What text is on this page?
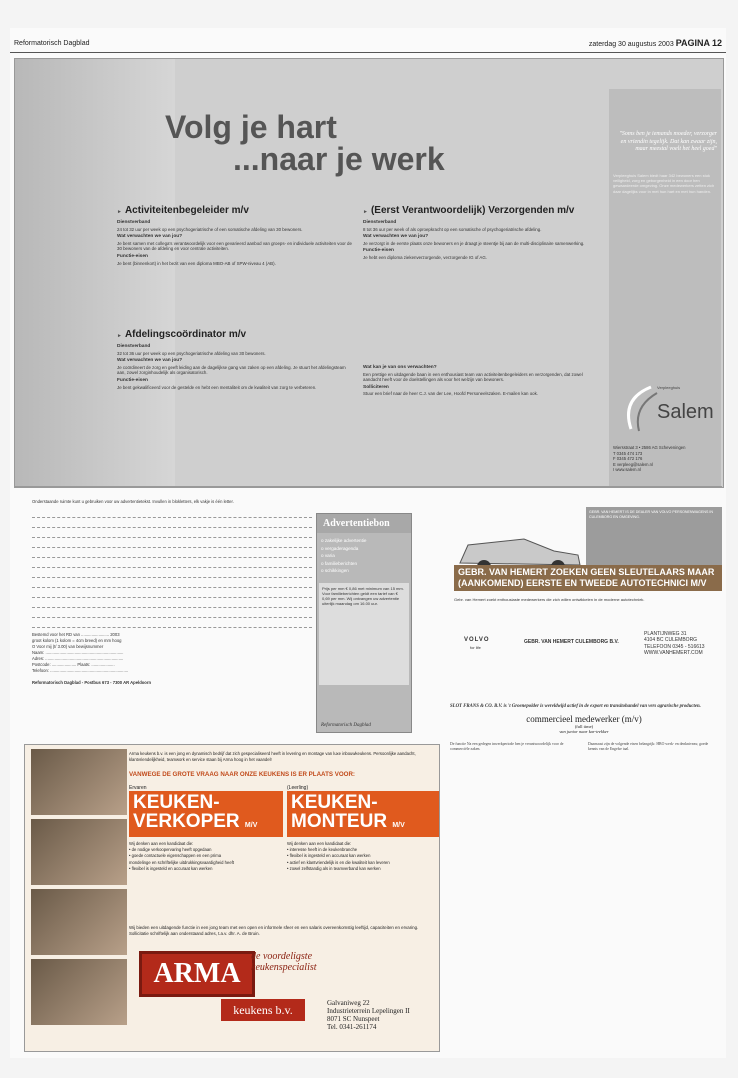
Reformatorisch Dagblad	zaterdag 30 augustus 2003 PAGINA 12
Volg je hart
...naar je werk
► Activiteitenbegeleider m/v
Dienstverband

24 tot 32 uur per week op een psychogeriatrische of een somatische afdeling van 30 bewoners.

Wat verwachten we van jou?

Je bent samen met collega's verantwoordelijk voor een gevarieerd aanbod van groeps- en individuele activiteiten voor de 30 bewoners van de afdeling en voor centrale activiteiten.

Functie-eisen

Je bent (binnenkort) in het bezit van een diploma MBO-AB of SPW-niveau 4 (AB).

► Afdelingscoördinator m/v
Dienstverband

32 tot 36 uur per week op een psychogeriatrische afdeling van 30 bewoners.

Wat verwachten we van jou?

Je coördineert de zorg en geeft leiding aan de dagelijkse gang van zaken op een afdeling. Je stuurt het afdelingsteam aan, zowel zorginhoudelijk als organisatorisch.

Functie-eisen

Je bent gekwalificeerd voor de gestelde en hebt een mentaliteit om de kwaliteit van zorg te verbeteren.

► (Eerst Verantwoordelijk) Verzorgenden m/v
Dienstverband

8 tot 36 uur per week of als oproepkracht op een somatische of psychogeriatrische afdeling.

Wat verwachten we van jou?

Je verzorgt in de eerste plaats onze bewoners en je draagt je steentje bij aan de multi-disciplinaire samenwerking.

Functie-eisen

Je hebt een diploma ziekenverzorgende, verzorgende IG of AG.

Wat kan je van ons verwachten?

Een prettige en uitdagende baan in een enthousiast team van activiteitenbegeleiders en verzorgenden, dat zowel aandacht heeft voor de doelstellingen als voor het welzijn van bewoners.

Solliciteren

Stuur een brief naar de heer C.J. van der Lee, Hoofd Personeelszaken. E-mailen kan ook.

"Soms ben je iemands moeder, verzorger en vriendin tegelijk. Dat kan zwaar zijn, maar meestal voelt het heel goed"
Verpleeghuis Salem biedt haar 342 bewoners een stuk veiligheid, zorg en geborgenheid in een door hen gewaardeerde omgeving. Onze medewerkers zetten zich daar dagelijks voor in met hun hart en met hun handen.
Verpleeghuis
Salem
Wiersstraat 3 • 2586 AG Scheveningen
T 0345 474 173
F 0345 472 176
E verpleeg@salem.nl
I www.salem.nl
Onderstaande ruimte kunt u gebruiken voor uw advertentietekst. Invullen in blokletters, elk vakje is één letter.
Bestemd voor het RD van ........................ 2003
groot kolom (1 kolom = 4cm breed) en mm hoog
O Voor mij (t/ 3.00) van bewijsnummer
Naam: ...................................................................
Adres: ...................................................................
Postcode: ..................... Plaats: ....................
Telefoon: ...................................................................
Reformatorisch Dagblad - Postbus 673 - 7300 AR Apeldoorn
Advertentiebon
o zakelijke advertentie
o vergaderagenda
o varia
o familieberichten
o schikkingen
Prijs per mm € 0,86 met minimum van 15 mm. Voor familieberichten geldt een tarief van € 0,69 per mm. Wij ontvangen uw advertentie uiterlijk maandag om 16.00 uur.
Reformatorisch Dagblad
GEBR. VAN HEMERT IS DE DEALER VAN VOLVO PERSONENWAGENS IN CULEMBORG EN OMGEVING.
GEBR. VAN HEMERT ZOEKEN GEEN SLEUTELAARS MAAR (AANKOMEND) EERSTE EN TWEEDE AUTOTECHNICI M/V
Gebr. van Hemert zoekt enthousiaste medewerkers die zich willen ontwikkelen in de moderne autotechniek.
VOLVO
for life
GEBR. VAN HEMERT CULEMBORG B.V.
PLANTIJNWEG 31
4104 BC CULEMBORG
TELEFOON 0345 - 516613
WWW.VANHEMERT.COM
SLOT FRANS & CO. B.V. is 't Groenepolder is wereldwijd actief in de export en transitohandel van vers agrarische producten.
commercieel medewerker (m/v)
(full time)
van junior naar kar-trekker
De functie Na een gedegen inwerkperiode ben je verantwoordelijk voor de commerciële zaken.
Daarnaast zijn de volgende eisen belangrijk: HBO werk- en denkniveau; goede kennis van de Engelse taal.
Arma keukens b.v. is een jong en dynamisch bedrijf dat zich gespecialiseerd heeft in levering en montage van luxe inbouwkeukens. Persoonlijke aandacht, klantvriendelijkheid, teamwork en service staan bij Arma hoog in het vaandel!
VANWEGE DE GROTE VRAAG NAAR ONZE KEUKENS IS ER PLAATS VOOR:
Ervaren
KEUKEN-VERKOPER M/V
Wij denken aan een kandidaat die:
• de nodige verkoopervaring heeft opgedaan
• goede contactuele eigenschappen en een prima
mondelinge en schriftelijke uitdrukkingsvaardigheid heeft
• flexibel is ingesteld en accuraat kan werken
(Leerling)
KEUKEN-MONTEUR M/V
Wij denken aan een kandidaat die:
• interesse heeft in de keukenbranche
• flexibel is ingesteld en accuraat kan werken
• actief en klantvriendelijk is en die kwaliteit kan leveren
• zowel zelfstandig als in teamverband kan werken
Wij bieden een uitdagende functie in een jong team met een open en informele sfeer en een salaris overeenkomstig leeftijd, capaciteiten en ervaring. Sollicitatie schriftelijk aan onderstaand adres, t.a.v. dhr. A. de Bruin.
ARMA
de voordeligste
keukenspecialist
keukens b.v.	Galvaniweg 22
Industrieterrein Lepelingen II
8071 SC Nunspeet
Tel. 0341-261174
